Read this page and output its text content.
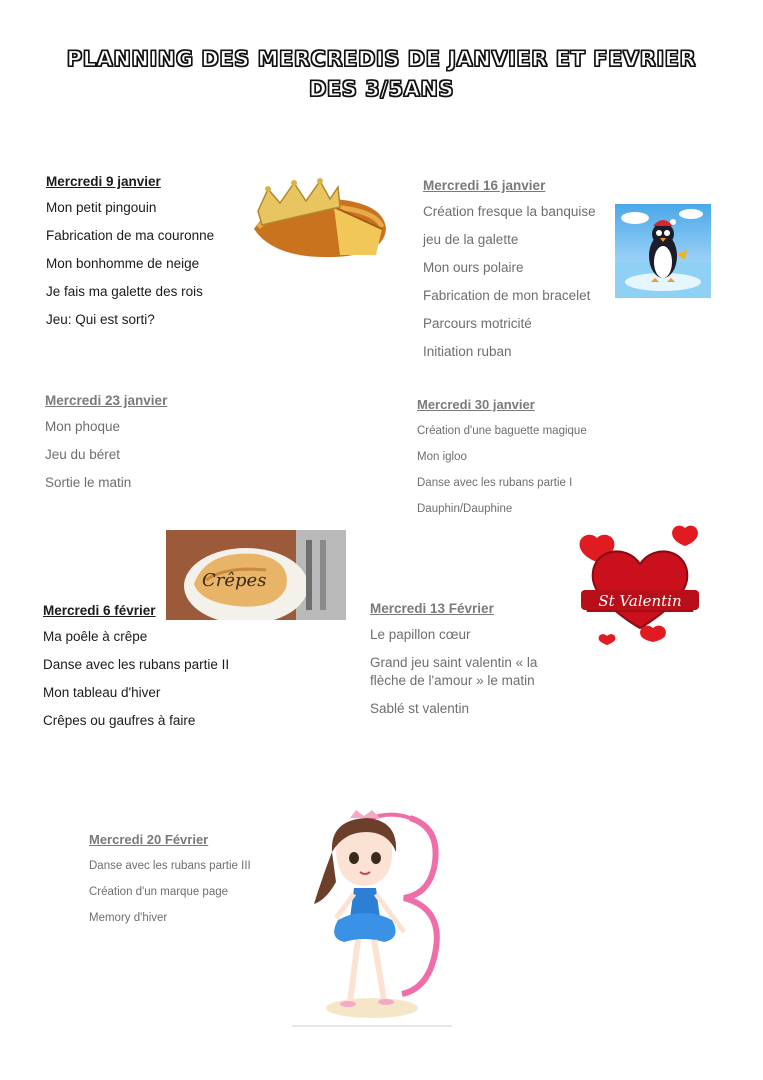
PLANNING DES MERCREDIS DE JANVIER ET FEVRIER DES 3/5ANS
Mercredi 9 janvier
Mon petit pingouin
Fabrication de ma couronne
Mon bonhomme de neige
Je fais ma galette des rois
Jeu: Qui est sorti?
Mercredi 16 janvier
Création fresque la banquise
jeu de la galette
Mon ours polaire
Fabrication de mon bracelet
Parcours motricité
Initiation ruban
Mercredi 23 janvier
Mon phoque
Jeu du béret
Sortie le matin
Mercredi 30 janvier
Création d'une baguette magique
Mon igloo
Danse avec les rubans partie I
Dauphin/Dauphine
Mercredi 6 février
Ma poêle à crêpe
Danse avec les rubans partie II
Mon tableau d'hiver
Crêpes ou gaufres à faire
Mercredi 13 Février
Le papillon cœur
Grand jeu saint valentin « la flèche de l'amour » le matin
Sablé st valentin
Mercredi 20 Février
Danse avec les rubans partie III
Création d'un marque page
Memory d'hiver
Crêpes
St Valentin
